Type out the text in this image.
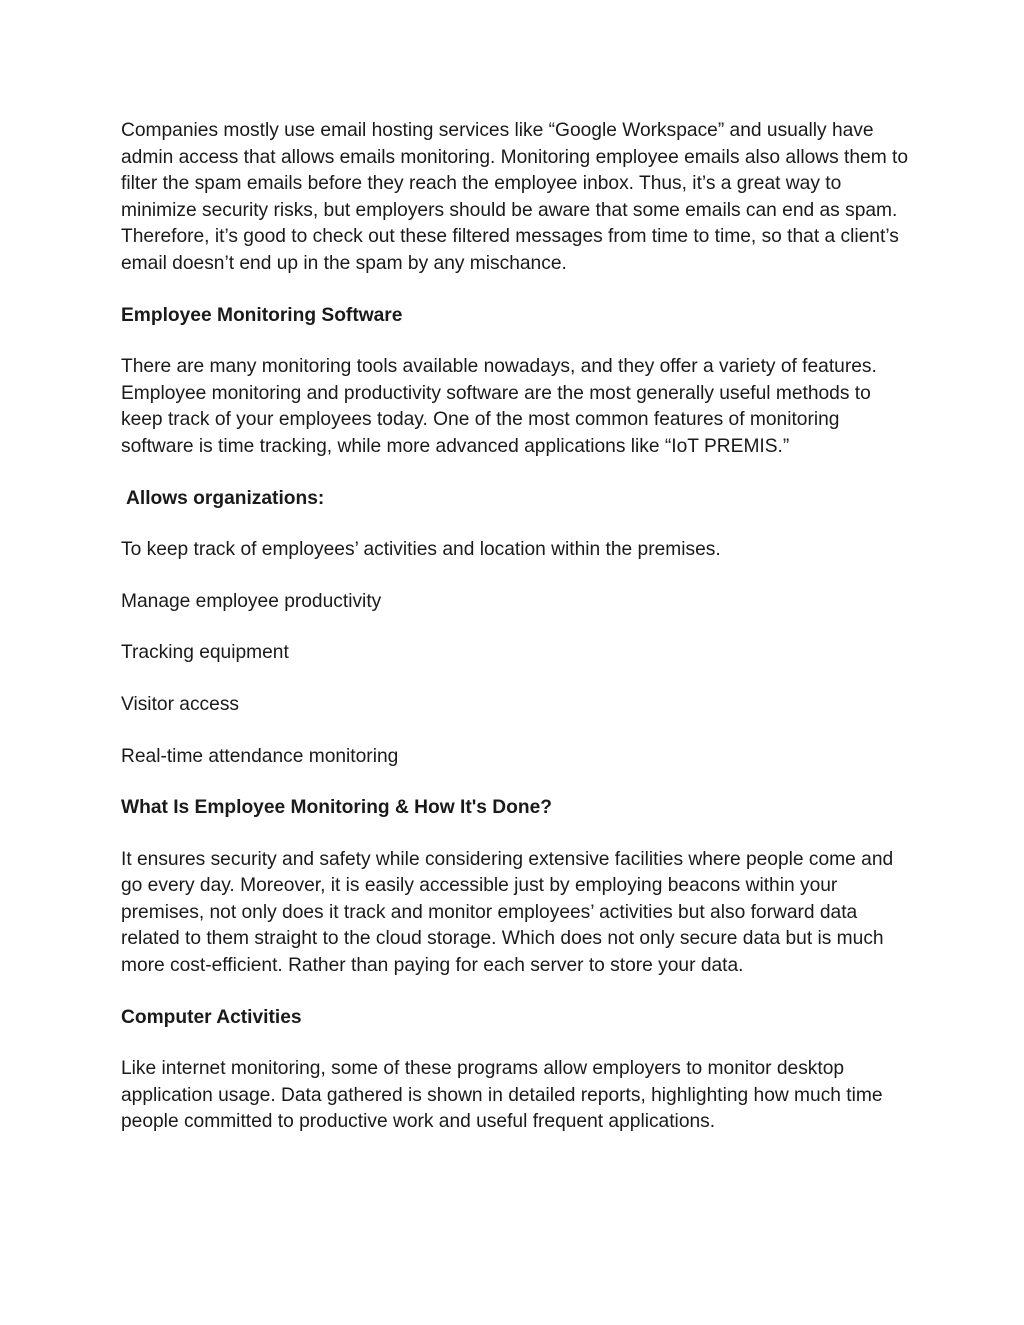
Companies mostly use email hosting services like “Google Workspace” and usually have admin access that allows emails monitoring. Monitoring employee emails also allows them to filter the spam emails before they reach the employee inbox. Thus, it’s a great way to minimize security risks, but employers should be aware that some emails can end as spam. Therefore, it’s good to check out these filtered messages from time to time, so that a client’s email doesn’t end up in the spam by any mischance.

Employee Monitoring Software

There are many monitoring tools available nowadays, and they offer a variety of features. Employee monitoring and productivity software are the most generally useful methods to keep track of your employees today. One of the most common features of monitoring software is time tracking, while more advanced applications like “IoT PREMIS.”

Allows organizations:

To keep track of employees’ activities and location within the premises.

Manage employee productivity

Tracking equipment

Visitor access

Real-time attendance monitoring

What Is Employee Monitoring & How It's Done?

It ensures security and safety while considering extensive facilities where people come and go every day. Moreover, it is easily accessible just by employing beacons within your premises, not only does it track and monitor employees’ activities but also forward data related to them straight to the cloud storage. Which does not only secure data but is much more cost-efficient. Rather than paying for each server to store your data.

Computer Activities

Like internet monitoring, some of these programs allow employers to monitor desktop application usage. Data gathered is shown in detailed reports, highlighting how much time people committed to productive work and useful frequent applications.
